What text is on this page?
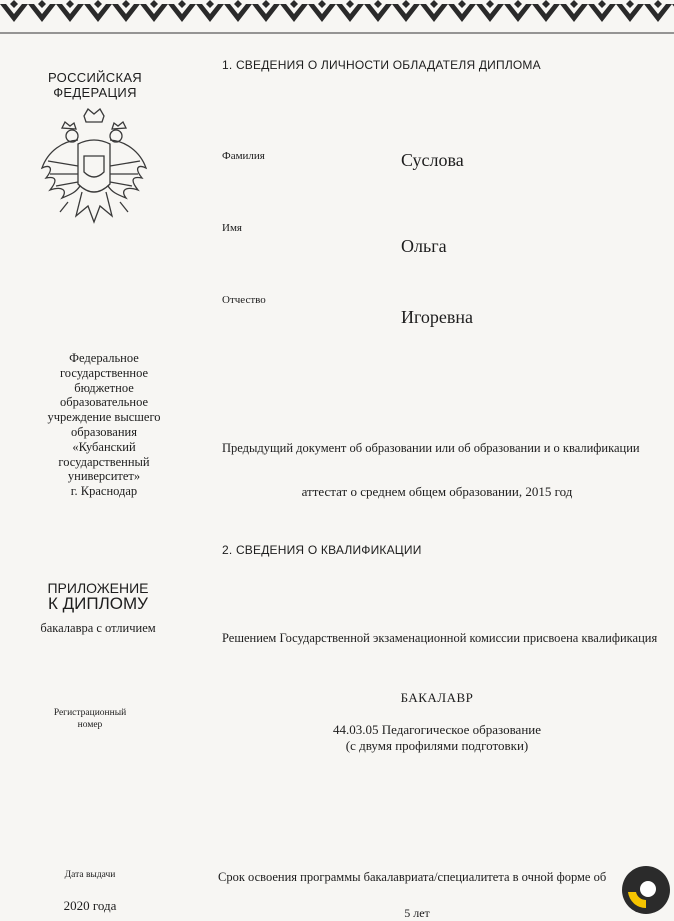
РОССИЙСКАЯ
ФЕДЕРАЦИЯ
Федеральное
государственное
бюджетное
образовательное
учреждение высшего
образования
«Кубанский
государственный
университет»
г. Краснодар
ПРИЛОЖЕНИЕ
К ДИПЛОМУ
бакалавра с отличием
Регистрационный
номер
Дата выдачи
2020 года
1. СВЕДЕНИЯ О ЛИЧНОСТИ ОБЛАДАТЕЛЯ ДИПЛОМА
Фамилия	Суслова
Имя
Ольга
Отчество
Игоревна
Предыдущий документ об образовании или об образовании и о квалификации
аттестат о среднем общем образовании, 2015 год
2. СВЕДЕНИЯ О КВАЛИФИКАЦИИ
Решением Государственной экзаменационной комиссии присвоена квалификация
БАКАЛАВР
44.03.05 Педагогическое образование
(с двумя профилями подготовки)
Срок освоения программы бакалавриата/специалитета в очной форме об
5 лет
